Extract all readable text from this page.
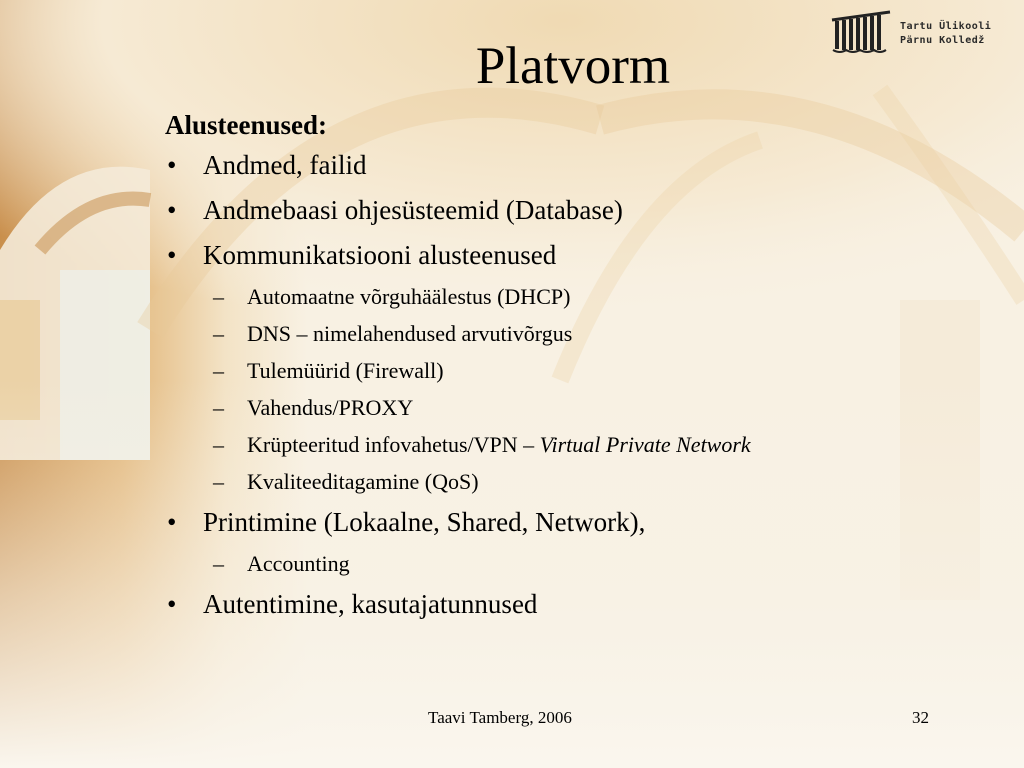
Tartu Ülikooli
Pärnu Kolledž
Platvorm
Alusteenused:
• Andmed, failid
• Andmebaasi ohjesüsteemid (Database)
• Kommunikatsiooni alusteenused
– Automaatne võrguhäälestus (DHCP)
– DNS – nimelahendused arvutivõrgus
– Tulemüürid (Firewall)
– Vahendus/PROXY
– Krüpteeritud infovahetus/VPN – Virtual Private Network
– Kvaliteeditagamine (QoS)
• Printimine (Lokaalne, Shared, Network),
– Accounting
• Autentimine, kasutajatunnused
Taavi Tamberg, 2006	32
